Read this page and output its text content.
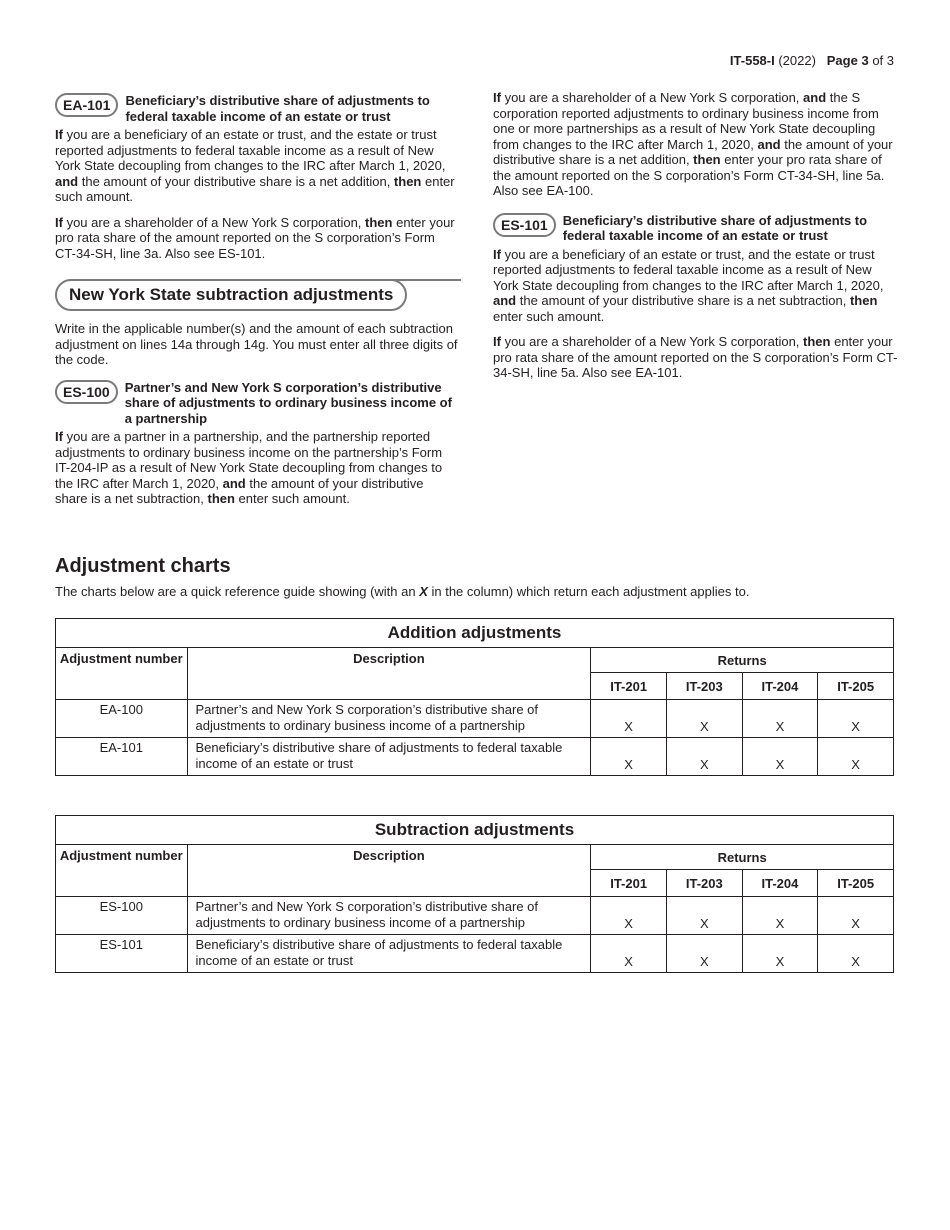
IT-558-I (2022) Page 3 of 3
EA-101	Beneficiary’s distributive share of adjustments to federal taxable income of an estate or trust

If you are a beneficiary of an estate or trust, and the estate or trust reported adjustments to federal taxable income as a result of New York State decoupling from changes to the IRC after March 1, 2020, and the amount of your distributive share is a net addition, then enter such amount.

If you are a shareholder of a New York S corporation, then enter your pro rata share of the amount reported on the S corporation’s Form CT-34-SH, line 3a. Also see ES-101.

New York State subtraction adjustments

Write in the applicable number(s) and the amount of each subtraction adjustment on lines 14a through 14g. You must enter all three digits of the code.

ES-100	Partner’s and New York S corporation’s distributive share of adjustments to ordinary business income of a partnership

If you are a partner in a partnership, and the partnership reported adjustments to ordinary business income on the partnership’s Form IT-204-IP as a result of New York State decoupling from changes to the IRC after March 1, 2020, and the amount of your distributive share is a net subtraction, then enter such amount.

If you are a shareholder of a New York S corporation, and the S corporation reported adjustments to ordinary business income from one or more partnerships as a result of New York State decoupling from changes to the IRC after March 1, 2020, and the amount of your distributive share is a net addition, then enter your pro rata share of the amount reported on the S corporation’s Form CT-34-SH, line 5a. Also see EA-100.

ES-101	Beneficiary’s distributive share of adjustments to federal taxable income of an estate or trust

If you are a beneficiary of an estate or trust, and the estate or trust reported adjustments to federal taxable income as a result of New York State decoupling from changes to the IRC after March 1, 2020, and the amount of your distributive share is a net subtraction, then enter such amount.

If you are a shareholder of a New York S corporation, then enter your pro rata share of the amount reported on the S corporation’s Form CT-34-SH, line 5a. Also see EA-101.

Adjustment charts
The charts below are a quick reference guide showing (with an X in the column) which return each adjustment applies to.
Addition adjustments					
Adjustment number	Description	Returns			
		IT-201	IT-203	IT-204	IT-205
EA-100	Partner’s and New York S corporation’s distributive share of adjustments to ordinary business income of a partnership	X	X	X	X
EA-101	Beneficiary’s distributive share of adjustments to federal taxable income of an estate or trust	X	X	X	X
Subtraction adjustments					
Adjustment number	Description	Returns			
		IT-201	IT-203	IT-204	IT-205
ES-100	Partner’s and New York S corporation’s distributive share of adjustments to ordinary business income of a partnership	X	X	X	X
ES-101	Beneficiary’s distributive share of adjustments to federal taxable income of an estate or trust	X	X	X	X
